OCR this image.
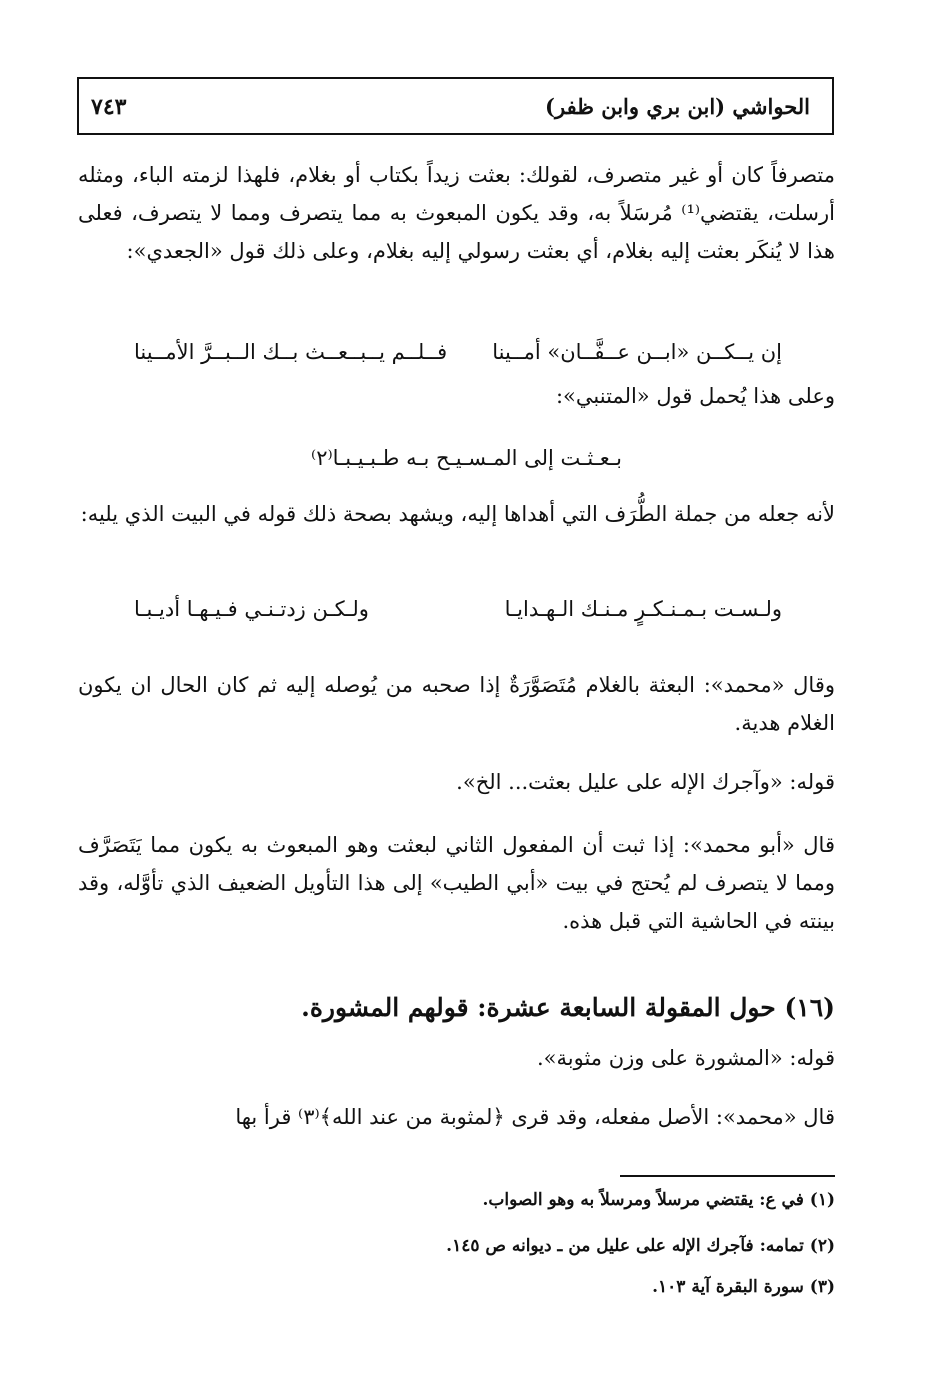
الحواشي (ابن بري وابن ظفر)
٧٤٣
متصرفاً كان أو غير متصرف، لقولك: بعثت زيداً بكتاب أو بغلام، فلهذا لزمته الباء، ومثله أرسلت، يقتضي⁽¹⁾ مُرسَلاً به، وقد يكون المبعوث به مما يتصرف ومما لا يتصرف، فعلى هذا لا يُنكَر بعثت إليه بغلام، أي بعثت رسولي إليه بغلام، وعلى ذلك قول «الجعدي»:
إن يــكــن «ابــن عــفَّــان» أمــينا
فــلــم يــبــعــث بــك الــبــرَّ الأمــينا
وعلى هذا يُحمل قول «المتنبي»:
بـعـثـت إلى المـسـيـح بـه طـبـيـبـا⁽٢⁾
لأنه جعله من جملة الطُّرَف التي أهداها إليه، ويشهد بصحة ذلك قوله في البيت الذي يليه:
ولـسـت بـمـنـكـرٍ مـنـك الـهـدايـا
ولـكـن زدتـنـي فـيـهـا أديـبـا
وقال «محمد»: البعثة بالغلام مُتَصَوَّرَةٌ إذا صحبه من يُوصله إليه ثم كان الحال ان يكون الغلام هدية.
قوله: «وآجرك الإله على عليل بعثت... الخ».
قال «أبو محمد»: إذا ثبت أن المفعول الثاني لبعثت وهو المبعوث به يكون مما يَتَصَرَّف ومما لا يتصرف لم يُحتج في بيت «أبي الطيب» إلى هذا التأويل الضعيف الذي تأوَّله، وقد بينته في الحاشية التي قبل هذه.
(١٦) حول المقولة السابعة عشرة: قولهم المشورة.
قوله: «المشورة على وزن مثوبة».
قال «محمد»: الأصل مفعله، وقد قرى ﴿لمثوبة من عند الله﴾⁽٣⁾ قرأ بها
(١) في ع: يقتضي مرسلاً ومرسلاً به وهو الصواب.
(٢) تمامه: فآجرك الإله على عليل من ـ ديوانه ص ١٤٥.
(٣) سورة البقرة آية ١٠٣.
